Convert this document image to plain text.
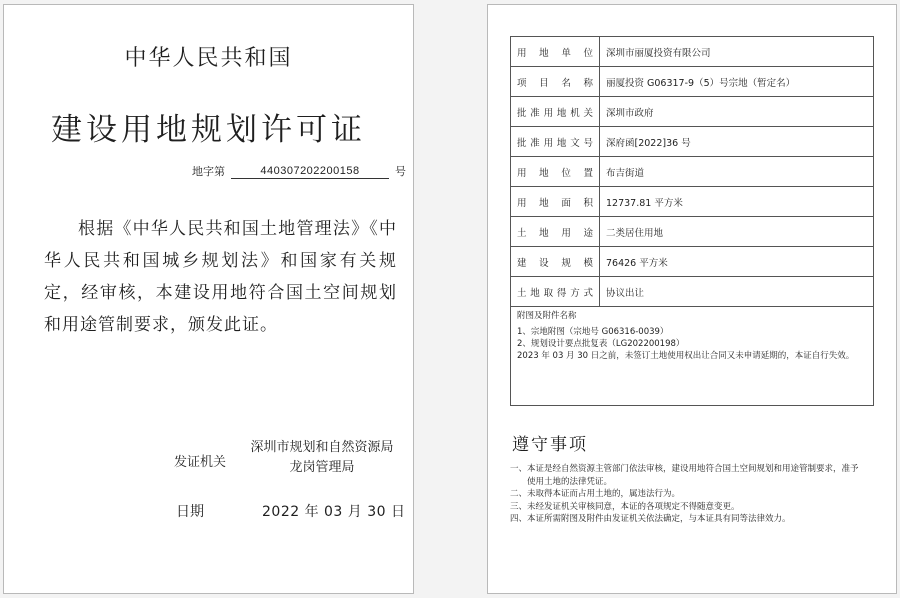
中华人民共和国
建设用地规划许可证
地字第	440307202200158	号
根据《中华人民共和国土地管理法》《中华人民共和国城乡规划法》和国家有关规定，经审核，本建设用地符合国土空间规划和用途管制要求，颁发此证。
发证机关
深圳市规划和自然资源局
龙岗管理局
日期	2022 年 03 月 30 日
用地单位	深圳市丽厦投资有限公司
项目名称	丽厦投资 G06317-9（5）号宗地（暂定名）
批准用地机关	深圳市政府
批准用地文号	深府函[2022]36 号
用地位置	布吉街道
用地面积	12737.81 平方米
土地用途	二类居住用地
建设规模	76426 平方米
土地取得方式	协议出让

附图及附件名称

1、宗地附图（宗地号 G06316-0039）

2、规划设计要点批复表（LG202200198）

2023 年 03 月 30 日之前，未签订土地使用权出让合同又未申请延期的，本证自行失效。

遵守事项
一、 本证是经自然资源主管部门依法审核，建设用地符合国土空间规划和用途管制要求，准予使用土地的法律凭证。
二、 未取得本证而占用土地的，属违法行为。
三、 未经发证机关审核同意，本证的各项规定不得随意变更。
四、 本证所需附图及附件由发证机关依法确定，与本证具有同等法律效力。
